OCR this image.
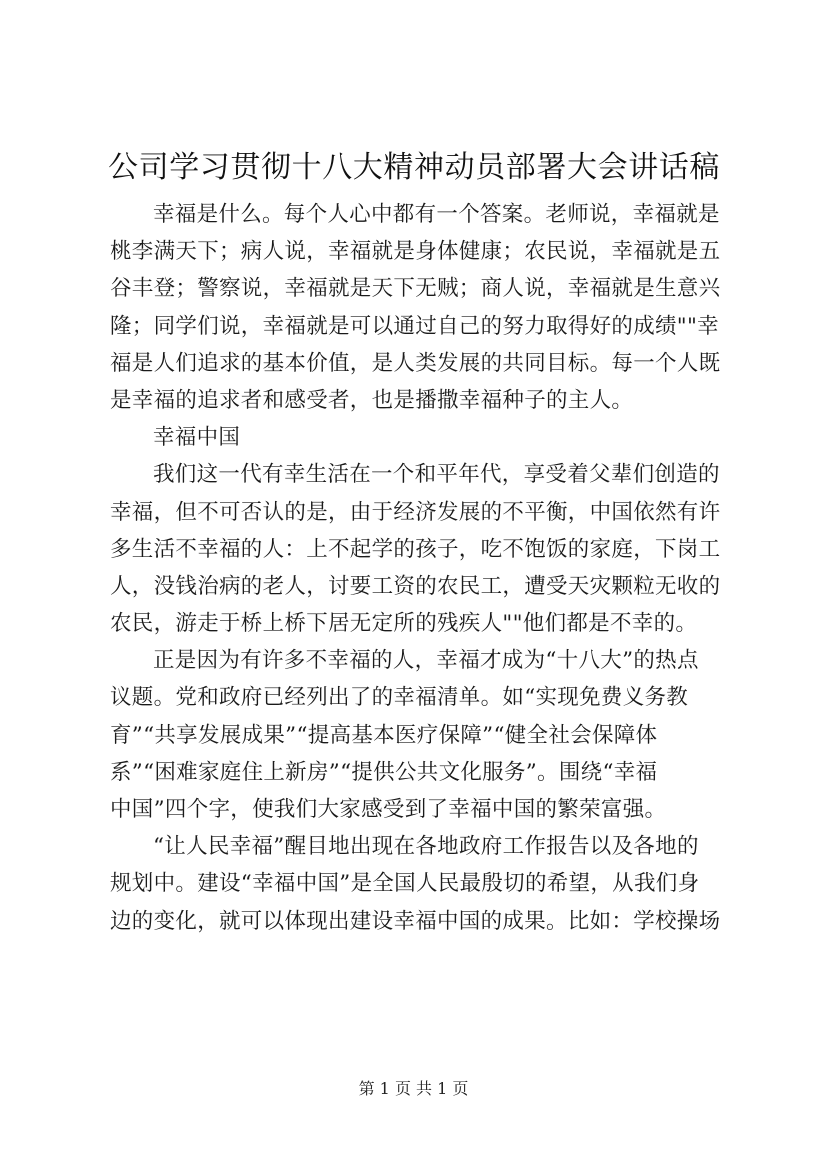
公司学习贯彻十八大精神动员部署大会讲话稿
幸福是什么。每个人心中都有一个答案。老师说，幸福就是
桃李满天下；病人说，幸福就是身体健康；农民说，幸福就是五
谷丰登；警察说，幸福就是天下无贼；商人说，幸福就是生意兴
隆；同学们说，幸福就是可以通过自己的努力取得好的成绩""幸
福是人们追求的基本价值，是人类发展的共同目标。每一个人既
是幸福的追求者和感受者，也是播撒幸福种子的主人。
幸福中国
我们这一代有幸生活在一个和平年代，享受着父辈们创造的
幸福，但不可否认的是，由于经济发展的不平衡，中国依然有许
多生活不幸福的人：上不起学的孩子，吃不饱饭的家庭，下岗工
人，没钱治病的老人，讨要工资的农民工，遭受天灾颗粒无收的
农民，游走于桥上桥下居无定所的残疾人""他们都是不幸的。
正是因为有许多不幸福的人，幸福才成为“十八大”的热点
议题。党和政府已经列出了的幸福清单。如“实现免费义务教
育”“共享发展成果”“提高基本医疗保障”“健全社会保障体
系”“困难家庭住上新房”“提供公共文化服务”。围绕“幸福
中国”四个字，使我们大家感受到了幸福中国的繁荣富强。
“让人民幸福”醒目地出现在各地政府工作报告以及各地的
规划中。建设“幸福中国”是全国人民最殷切的希望，从我们身
边的变化，就可以体现出建设幸福中国的成果。比如：学校操场
第 1 页 共 1 页
